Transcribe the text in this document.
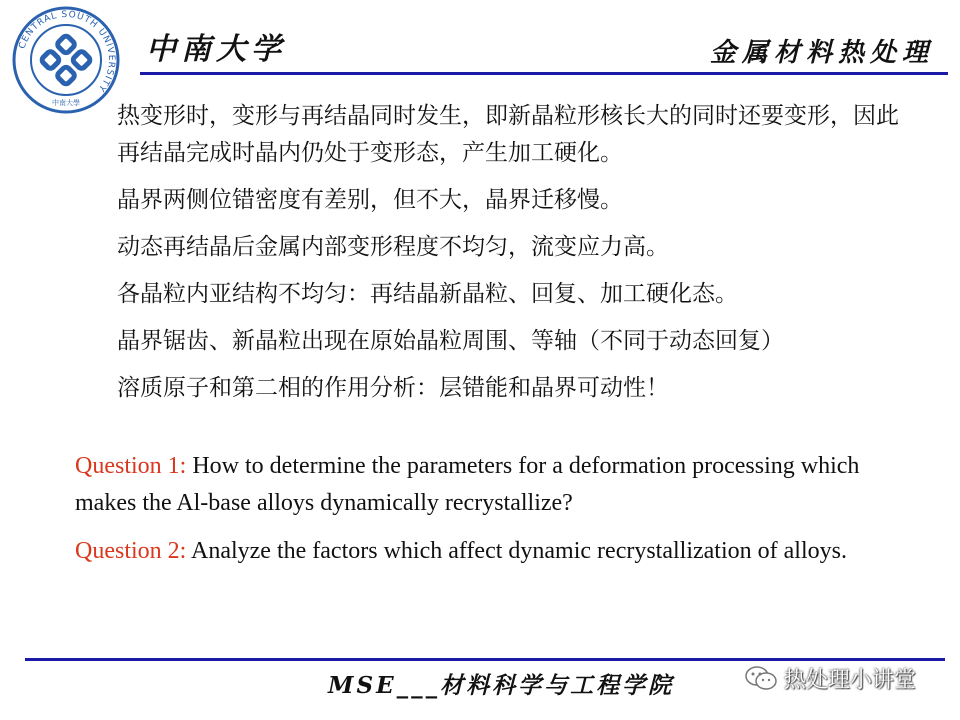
CENTRAL SOUTH UNIVERSITY
中南大學
中南大学	金属材料热处理
热变形时，变形与再结晶同时发生，即新晶粒形核长大的同时还要变形，因此再结晶完成时晶内仍处于变形态，产生加工硬化。
晶界两侧位错密度有差别，但不大，晶界迁移慢。
动态再结晶后金属内部变形程度不均匀，流变应力高。
各晶粒内亚结构不均匀：再结晶新晶粒、回复、加工硬化态。
晶界锯齿、新晶粒出现在原始晶粒周围、等轴（不同于动态回复）
溶质原子和第二相的作用分析：层错能和晶界可动性！
Question 1: How to determine the parameters for a deformation processing which makes the Al-base alloys dynamically recrystallize?
Question 2: Analyze the factors which affect dynamic recrystallization of alloys.
MSE___材料科学与工程学院	热处理小讲堂
